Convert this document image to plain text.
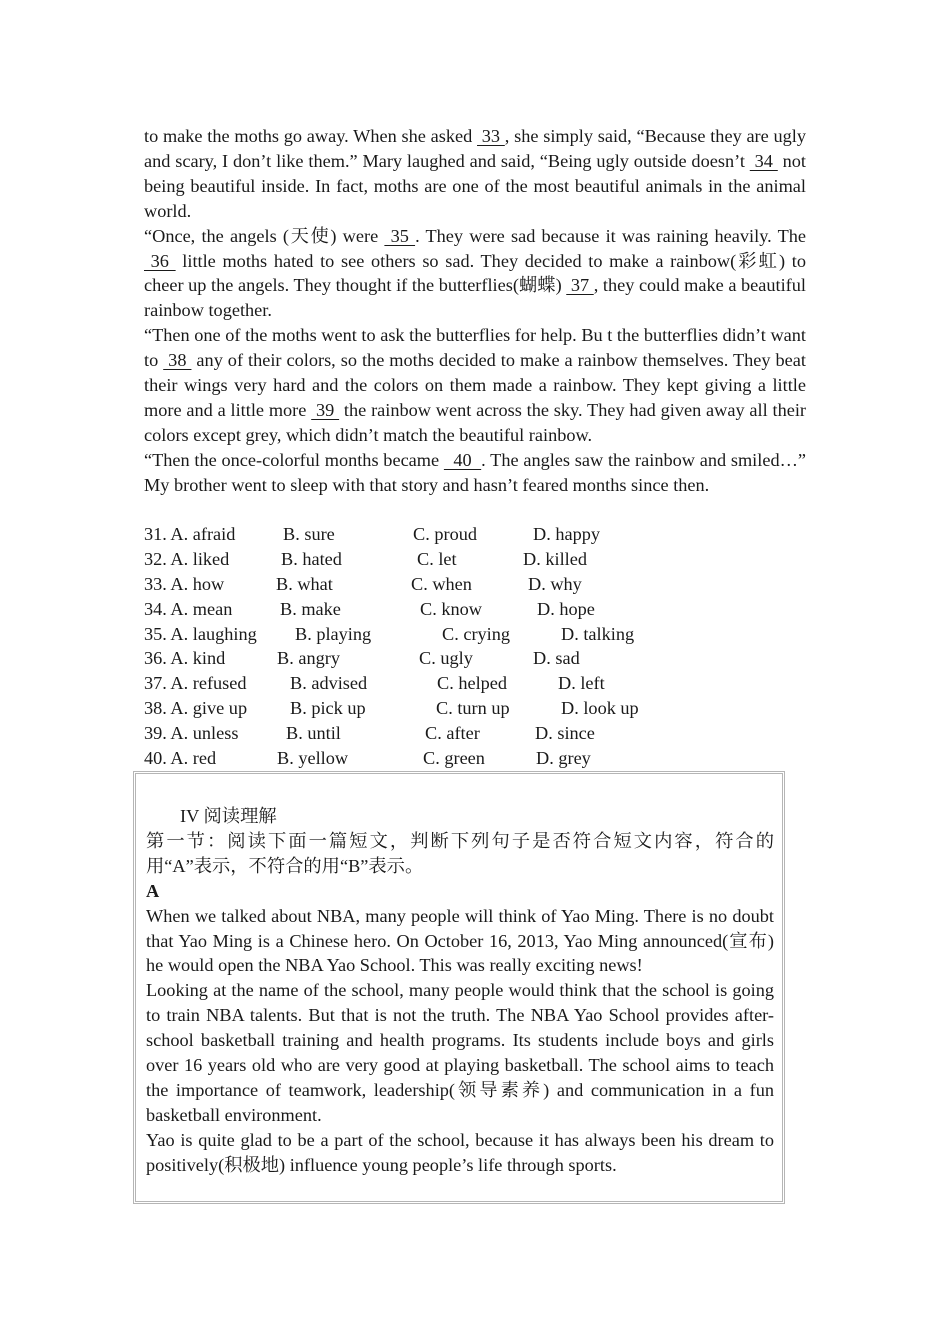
to make the moths go away. When she asked  33 , she simply said, “Because they are ugly and scary, I don’t like them.” Mary laughed and said, “Being ugly outside doesn’t  34  not being beautiful inside. In fact, moths are one of the most beautiful animals in the animal world.

“Once, the angels (天使) were  35 . They were sad because it was raining heavily. The  36  little moths hated to see others so sad. They decided to make a rainbow(彩虹) to cheer up the angels. They thought if the butterflies(蝴蝶)  37 , they could make a beautiful rainbow together.

“Then one of the moths went to ask the butterflies for help. Bu t the butterflies didn’t want to  38  any of their colors, so the moths decided to make a rainbow themselves. They beat their wings very hard and the colors on them made a rainbow. They kept giving a little more and a little more  39  the rainbow went across the sky. They had given away all their colors except grey, which didn’t match the beautiful rainbow.

“Then the once-colorful months became   40  . The angles saw the rainbow and smiled…” My brother went to sleep with that story and hasn’t feared months since then.

31. A. afraid	B. sure	C. proud	D. happy
32. A. liked	B. hated	C. let	D. killed
33. A. how	B. what	C. when	D. why
34. A. mean	B. make	C. know	D. hope
35. A. laughing B. playing	C. crying	D. talking
36. A. kind	B. angry	C. ugly	D. sad
37. A. refused B. advised	C. helped	D. left
38. A. give up B. pick up	C. turn up	D. look up
39. A. unless	B. until	C. after	D. since
40. A. red	B. yellow	C. green	D. grey

IV 阅读理解

第一节：阅读下面一篇短文，判断下列句子是否符合短文内容，符合的用“A”表示，不符合的用“B”表示。

A

When we talked about NBA, many people will think of Yao Ming. There is no doubt that Yao Ming is a Chinese hero. On October 16, 2013, Yao Ming announced(宣布) he would open the NBA Yao School. This was really exciting news!

Looking at the name of the school, many people would think that the school is going to train NBA talents. But that is not the truth. The NBA Yao School provides after-school basketball training and health programs. Its students include boys and girls over 16 years old who are very good at playing basketball. The school aims to teach the importance of teamwork, leadership(领导素养) and communication in a fun basketball environment.

Yao is quite glad to be a part of the school, because it has always been his dream to positively(积极地) influence young people’s life through sports.
